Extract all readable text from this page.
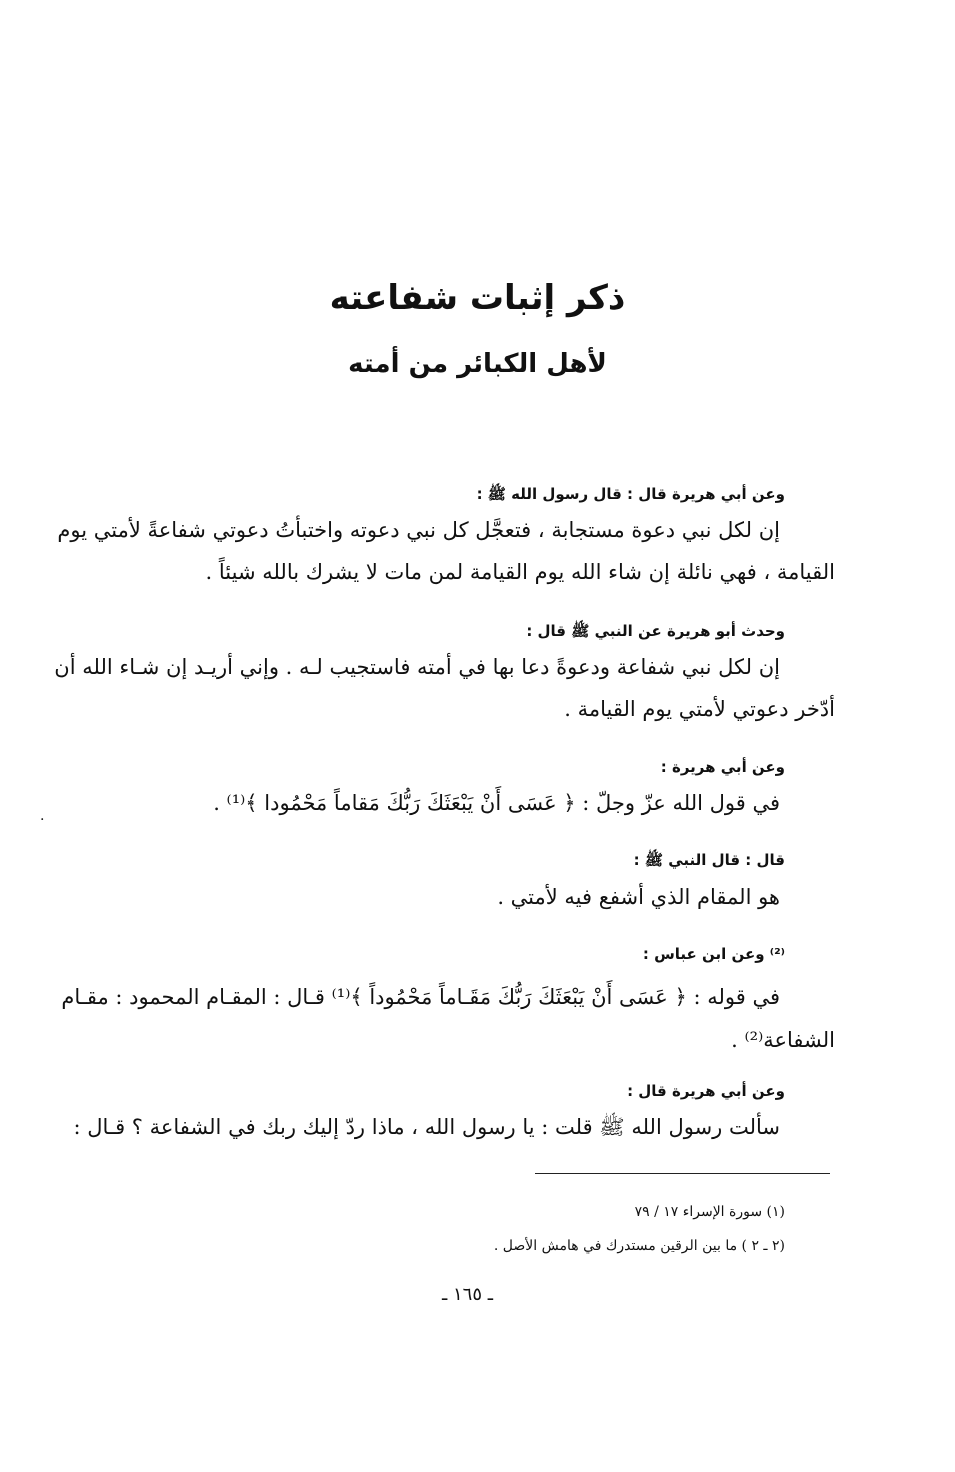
ذكر إثبات شفاعته
لأهل الكبائر من أمته
وعن أبي هريرة قال : قال رسول الله ﷺ :
إن لكل نبي دعوة مستجابة ، فتعجَّل كل نبي دعوته واختبأتُ دعوتي شفاعةً لأمتي يوم
القيامة ، فهي نائلة إن شاء الله يوم القيامة لمن مات لا يشرك بالله شيئاً .
وحدث أبو هريرة عن النبي ﷺ قال :
إن لكل نبي شفاعة ودعوةً دعا بها في أمته فاستجيب لـه . وإني أريـد إن شـاء الله أن
أدّخر دعوتي لأمتي يوم القيامة .
وعن أبي هريرة :
في قول الله عزّ وجلّ : ﴿ عَسَى أَنْ يَبْعَثَكَ رَبُّكَ مَقاماً مَحْمُودا ﴾⁽¹⁾ .
قال : قال النبي ﷺ :
هو المقام الذي أشفع فيه لأمتي .
⁽²⁾ وعن ابن عباس :
في قوله : ﴿ عَسَى أَنْ يَبْعَثَكَ رَبُّكَ مَقَـاماً مَحْمُوداً ﴾⁽¹⁾ قـال : المقـام المحمود : مقـام
الشفاعة⁽²⁾ .
وعن أبي هريرة قال :
سألت رسول الله ﷺ قلت : يا رسول الله ، ماذا ردّ إليك ربك في الشفاعة ؟ قـال :
(١) سورة الإسراء ١٧ / ٧٩
(٢ ـ ٢ ) ما بين الرقين مستدرك في هامش الأصل .
ـ ١٦٥ ـ
.
